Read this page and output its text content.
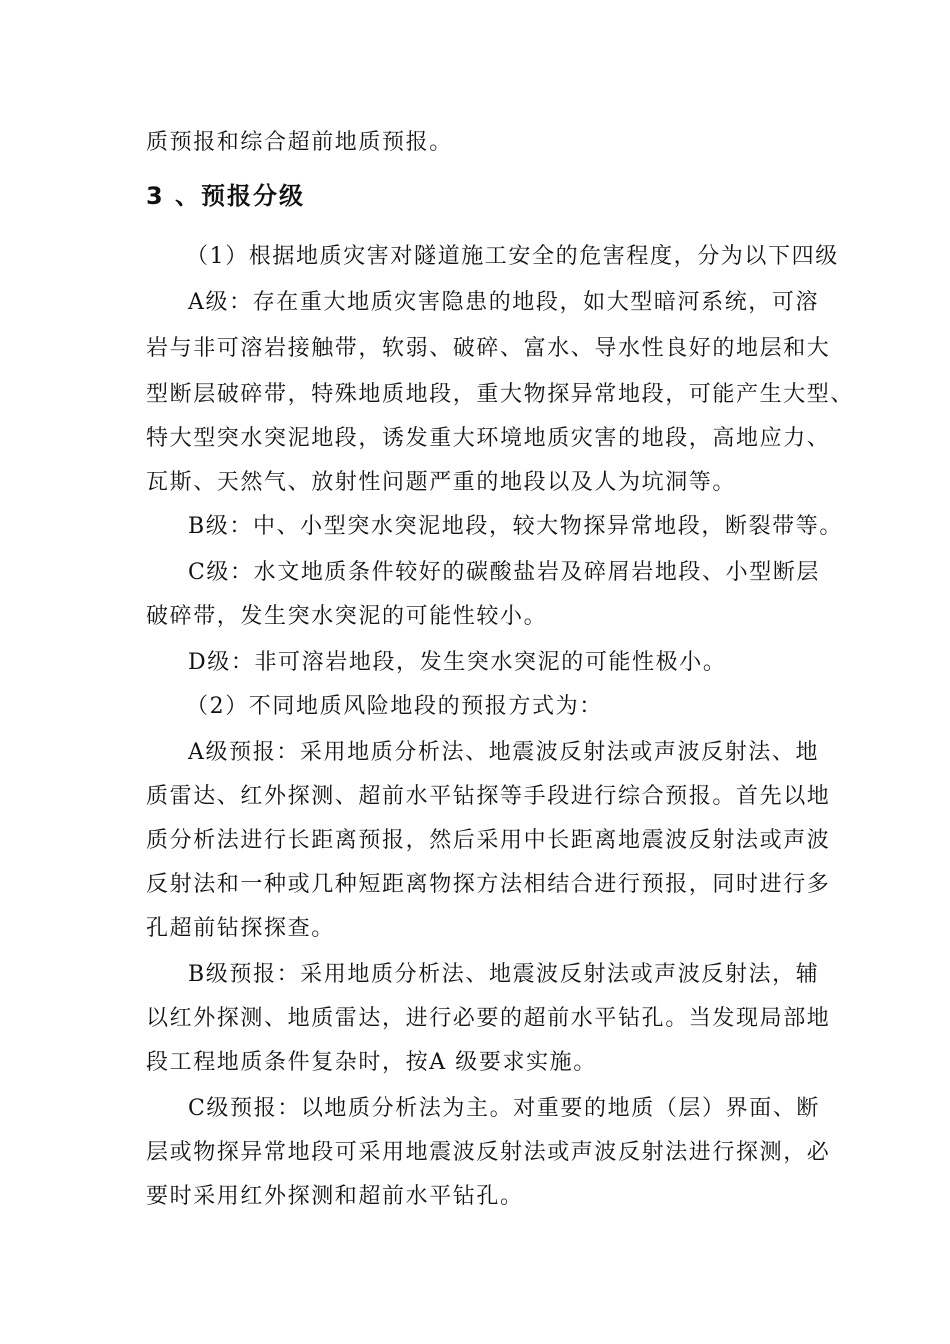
质预报和综合超前地质预报。
3 、预报分级
（1）根据地质灾害对隧道施工安全的危害程度，分为以下四级
A级：存在重大地质灾害隐患的地段，如大型暗河系统，可溶
岩与非可溶岩接触带，软弱、破碎、富水、导水性良好的地层和大
型断层破碎带，特殊地质地段，重大物探异常地段，可能产生大型、
特大型突水突泥地段，诱发重大环境地质灾害的地段，高地应力、
瓦斯、天然气、放射性问题严重的地段以及人为坑洞等。
B级：中、小型突水突泥地段，较大物探异常地段，断裂带等。
C级：水文地质条件较好的碳酸盐岩及碎屑岩地段、小型断层
破碎带，发生突水突泥的可能性较小。
D级：非可溶岩地段，发生突水突泥的可能性极小。
（2）不同地质风险地段的预报方式为：
A级预报：采用地质分析法、地震波反射法或声波反射法、地
质雷达、红外探测、超前水平钻探等手段进行综合预报。首先以地
质分析法进行长距离预报，然后采用中长距离地震波反射法或声波
反射法和一种或几种短距离物探方法相结合进行预报，同时进行多
孔超前钻探探查。
B级预报：采用地质分析法、地震波反射法或声波反射法，辅
以红外探测、地质雷达，进行必要的超前水平钻孔。当发现局部地
段工程地质条件复杂时，按A 级要求实施。
C级预报：以地质分析法为主。对重要的地质（层）界面、断
层或物探异常地段可采用地震波反射法或声波反射法进行探测，必
要时采用红外探测和超前水平钻孔。
